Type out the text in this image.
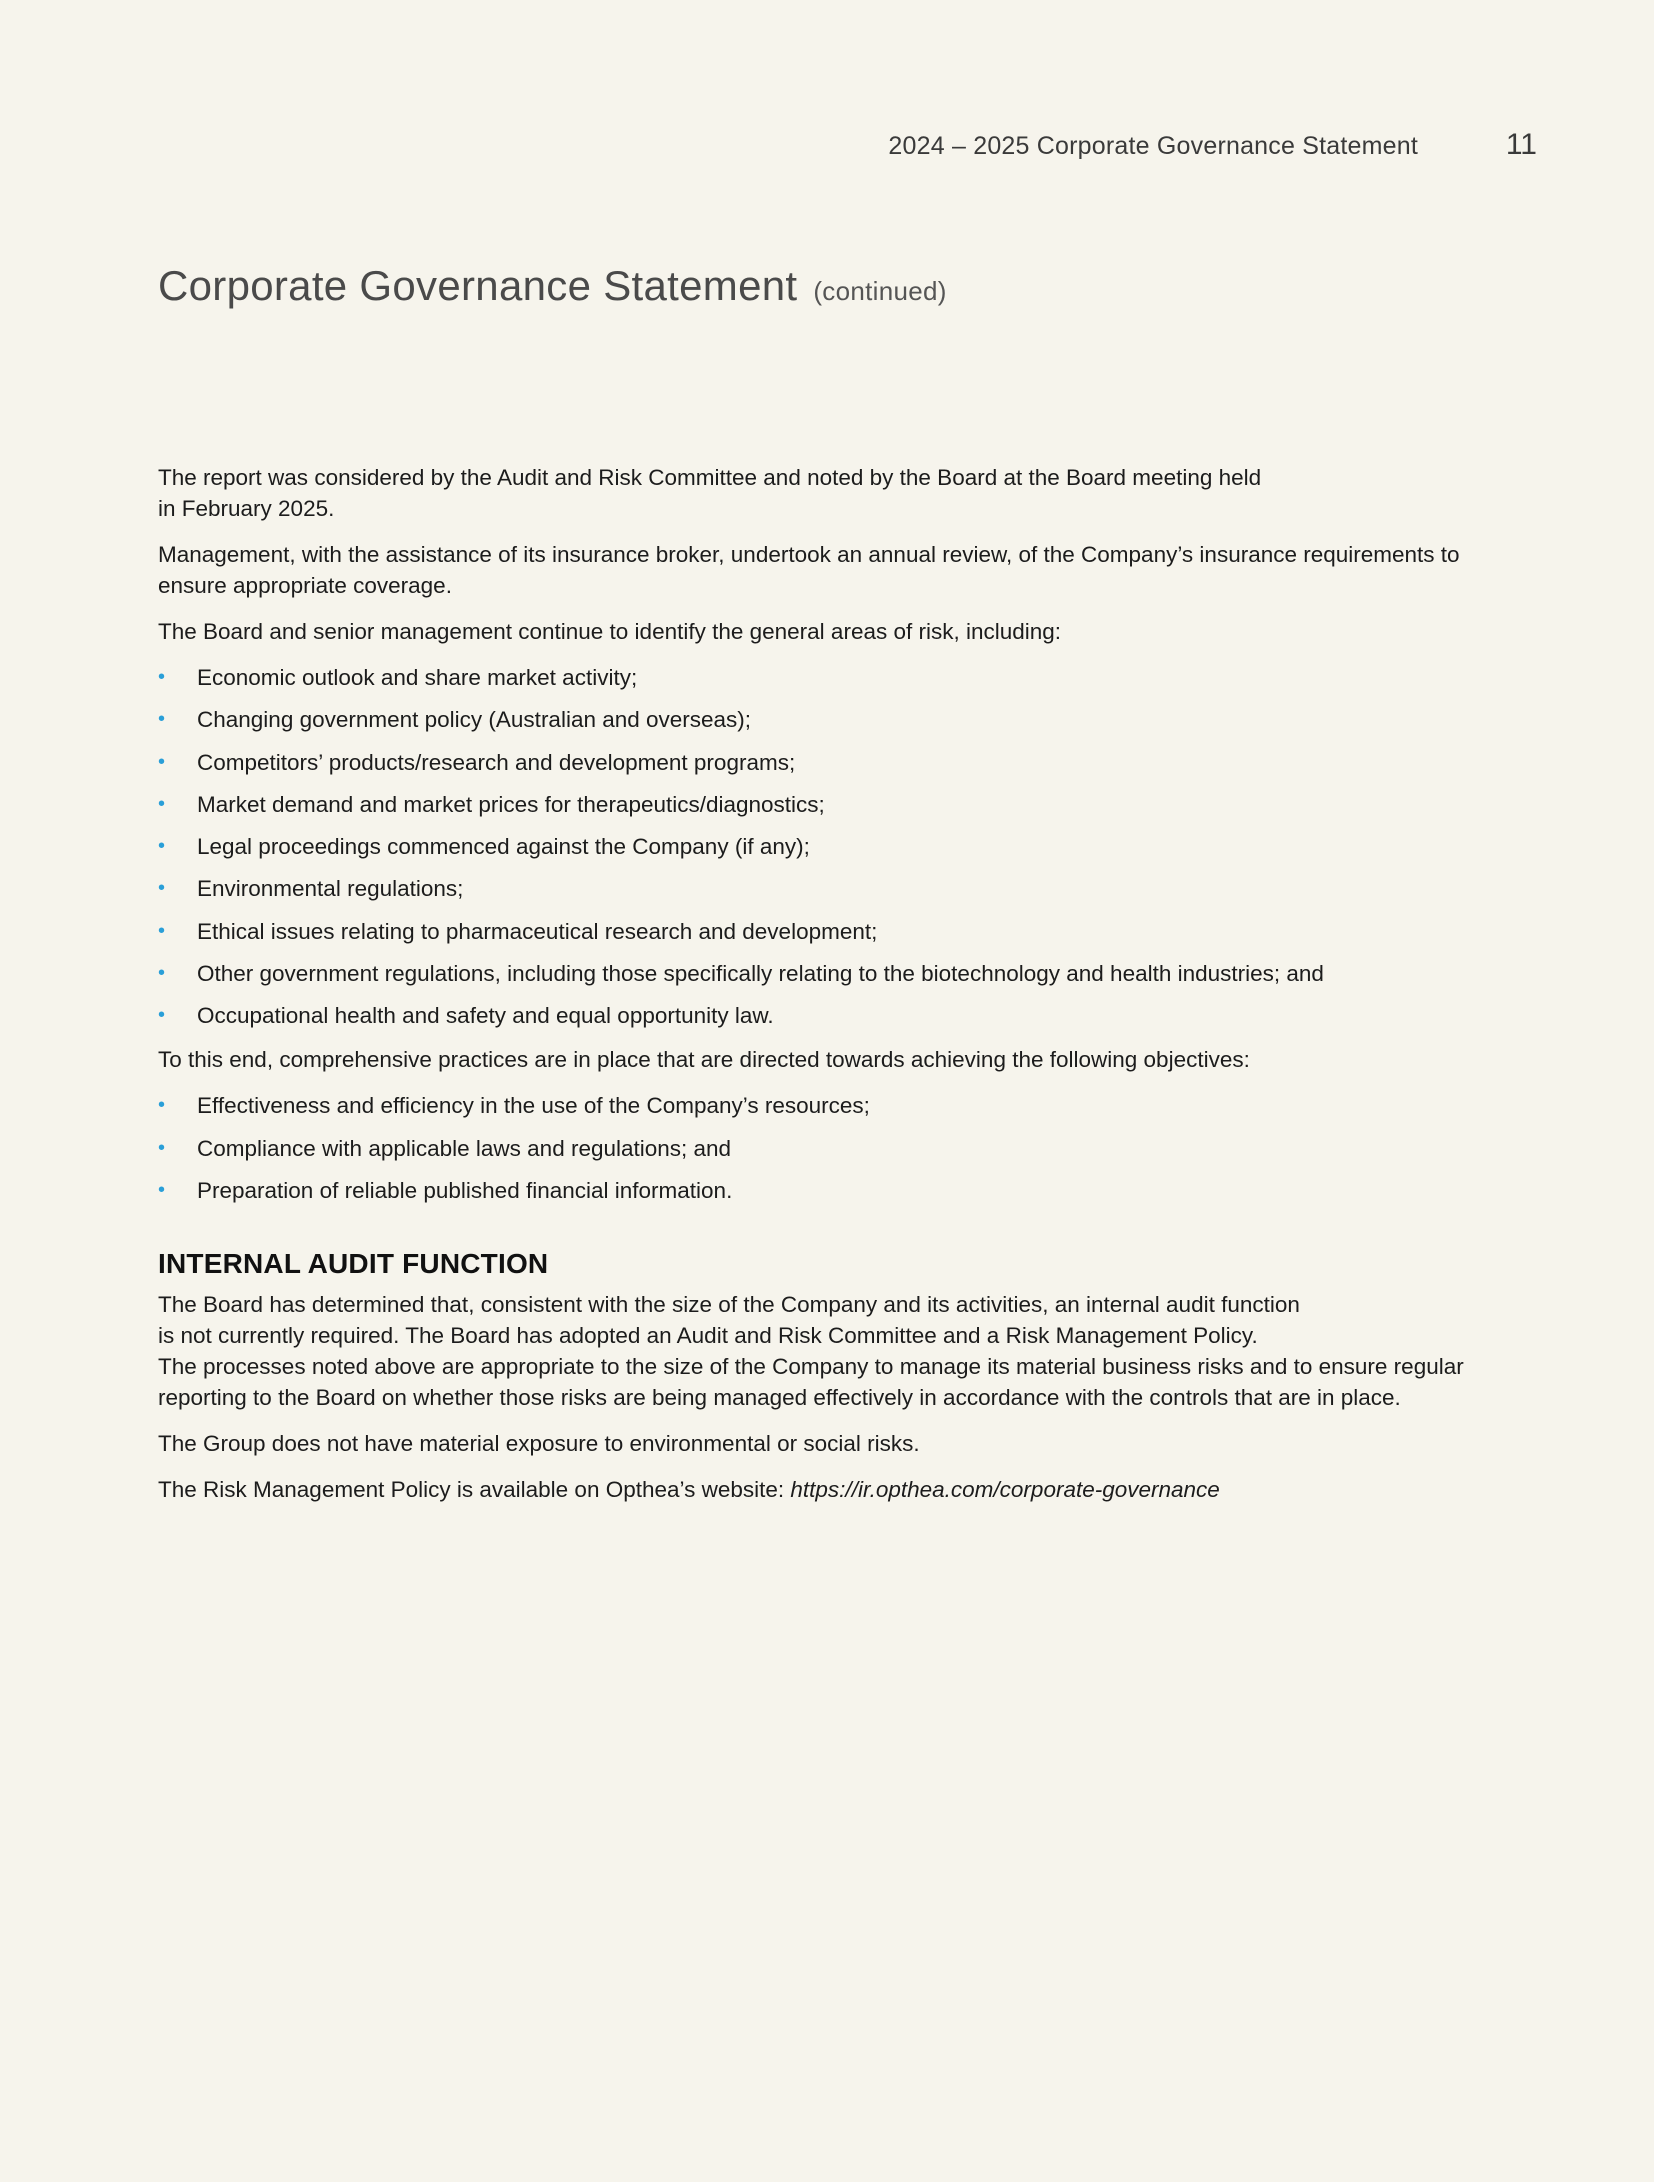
2024 – 2025 Corporate Governance Statement	11
Corporate Governance Statement (continued)

The report was considered by the Audit and Risk Committee and noted by the Board at the Board meeting held
in February 2025.

Management, with the assistance of its insurance broker, undertook an annual review, of the Company’s insurance requirements to ensure appropriate coverage.

The Board and senior management continue to identify the general areas of risk, including:

• Economic outlook and share market activity;
• Changing government policy (Australian and overseas);
• Competitors’ products/research and development programs;
• Market demand and market prices for therapeutics/diagnostics;
• Legal proceedings commenced against the Company (if any);
• Environmental regulations;
• Ethical issues relating to pharmaceutical research and development;
• Other government regulations, including those specifically relating to the biotechnology and health industries; and
• Occupational health and safety and equal opportunity law.

To this end, comprehensive practices are in place that are directed towards achieving the following objectives:

• Effectiveness and efficiency in the use of the Company’s resources;
• Compliance with applicable laws and regulations; and
• Preparation of reliable published financial information.
INTERNAL AUDIT FUNCTION

The Board has determined that, consistent with the size of the Company and its activities, an internal audit function
is not currently required. The Board has adopted an Audit and Risk Committee and a Risk Management Policy.
The processes noted above are appropriate to the size of the Company to manage its material business risks and to ensure regular reporting to the Board on whether those risks are being managed effectively in accordance with the controls that are in place.

The Group does not have material exposure to environmental or social risks.

The Risk Management Policy is available on Opthea’s website: https://ir.opthea.com/corporate-governance
